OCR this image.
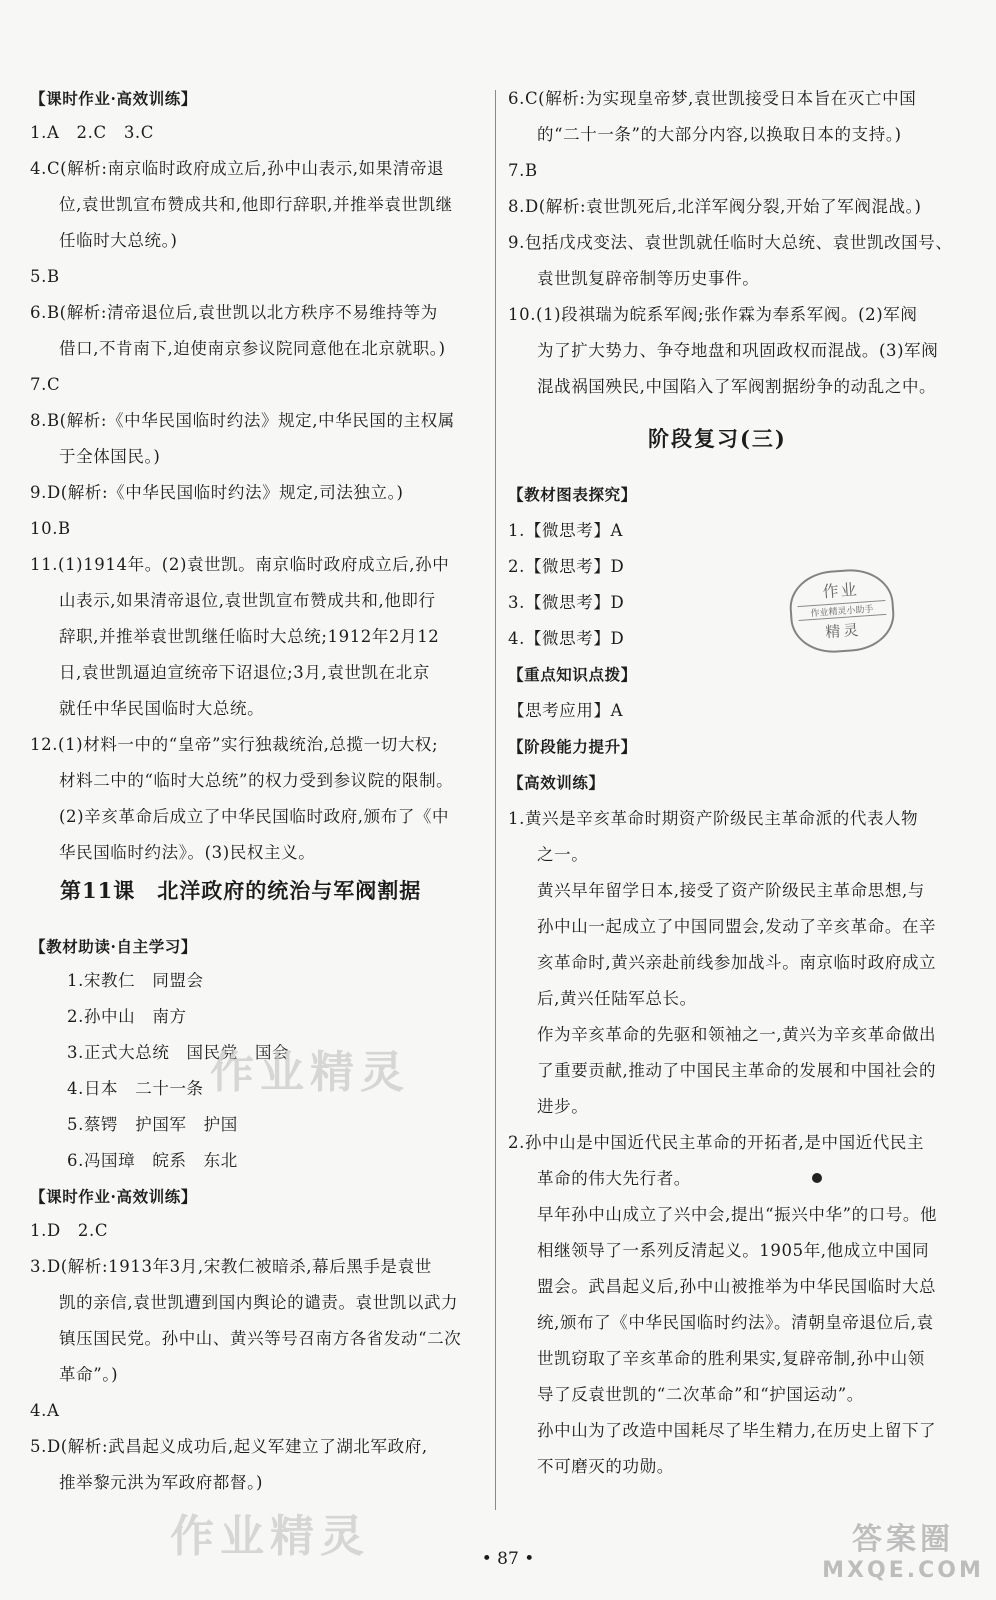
【课时作业·高效训练】
1.A　2.C　3.C
4.C(解析:南京临时政府成立后,孙中山表示,如果清帝退
位,袁世凯宣布赞成共和,他即行辞职,并推举袁世凯继
任临时大总统。)
5.B
6.B(解析:清帝退位后,袁世凯以北方秩序不易维持等为
借口,不肯南下,迫使南京参议院同意他在北京就职。)
7.C
8.B(解析:《中华民国临时约法》规定,中华民国的主权属
于全体国民。)
9.D(解析:《中华民国临时约法》规定,司法独立。)
10.B
11.(1)1914年。(2)袁世凯。南京临时政府成立后,孙中
山表示,如果清帝退位,袁世凯宣布赞成共和,他即行
辞职,并推举袁世凯继任临时大总统;1912年2月12
日,袁世凯逼迫宣统帝下诏退位;3月,袁世凯在北京
就任中华民国临时大总统。
12.(1)材料一中的“皇帝”实行独裁统治,总揽一切大权;
材料二中的“临时大总统”的权力受到参议院的限制。
(2)辛亥革命后成立了中华民国临时政府,颁布了《中
华民国临时约法》。(3)民权主义。
第11课　北洋政府的统治与军阀割据
【教材助读·自主学习】
1.宋教仁　同盟会
2.孙中山　南方
3.正式大总统　国民党　国会
4.日本　二十一条
5.蔡锷　护国军　护国
6.冯国璋　皖系　东北
【课时作业·高效训练】
1.D　2.C
3.D(解析:1913年3月,宋教仁被暗杀,幕后黑手是袁世
凯的亲信,袁世凯遭到国内舆论的谴责。袁世凯以武力
镇压国民党。孙中山、黄兴等号召南方各省发动“二次
革命”。)
4.A
5.D(解析:武昌起义成功后,起义军建立了湖北军政府,
推举黎元洪为军政府都督。)
6.C(解析:为实现皇帝梦,袁世凯接受日本旨在灭亡中国
的“二十一条”的大部分内容,以换取日本的支持。)
7.B
8.D(解析:袁世凯死后,北洋军阀分裂,开始了军阀混战。)
9.包括戊戌变法、袁世凯就任临时大总统、袁世凯改国号、
袁世凯复辟帝制等历史事件。
10.(1)段祺瑞为皖系军阀;张作霖为奉系军阀。(2)军阀
为了扩大势力、争夺地盘和巩固政权而混战。(3)军阀
混战祸国殃民,中国陷入了军阀割据纷争的动乱之中。
阶段复习(三)
【教材图表探究】
1.【微思考】A
2.【微思考】D
3.【微思考】D
4.【微思考】D
【重点知识点拨】
【思考应用】A
【阶段能力提升】
【高效训练】
1.黄兴是辛亥革命时期资产阶级民主革命派的代表人物
之一。
黄兴早年留学日本,接受了资产阶级民主革命思想,与
孙中山一起成立了中国同盟会,发动了辛亥革命。在辛
亥革命时,黄兴亲赴前线参加战斗。南京临时政府成立
后,黄兴任陆军总长。
作为辛亥革命的先驱和领袖之一,黄兴为辛亥革命做出
了重要贡献,推动了中国民主革命的发展和中国社会的
进步。
2.孙中山是中国近代民主革命的开拓者,是中国近代民主
革命的伟大先行者。
早年孙中山成立了兴中会,提出“振兴中华”的口号。他
相继领导了一系列反清起义。1905年,他成立中国同
盟会。武昌起义后,孙中山被推举为中华民国临时大总
统,颁布了《中华民国临时约法》。清朝皇帝退位后,袁
世凯窃取了辛亥革命的胜利果实,复辟帝制,孙中山领
导了反袁世凯的“二次革命”和“护国运动”。
孙中山为了改造中国耗尽了毕生精力,在历史上留下了
不可磨灭的功勋。
作业
作业精灵小助手
精灵
作业精灵
作业精灵	• 87 •
答案圈
MXQE.COM
